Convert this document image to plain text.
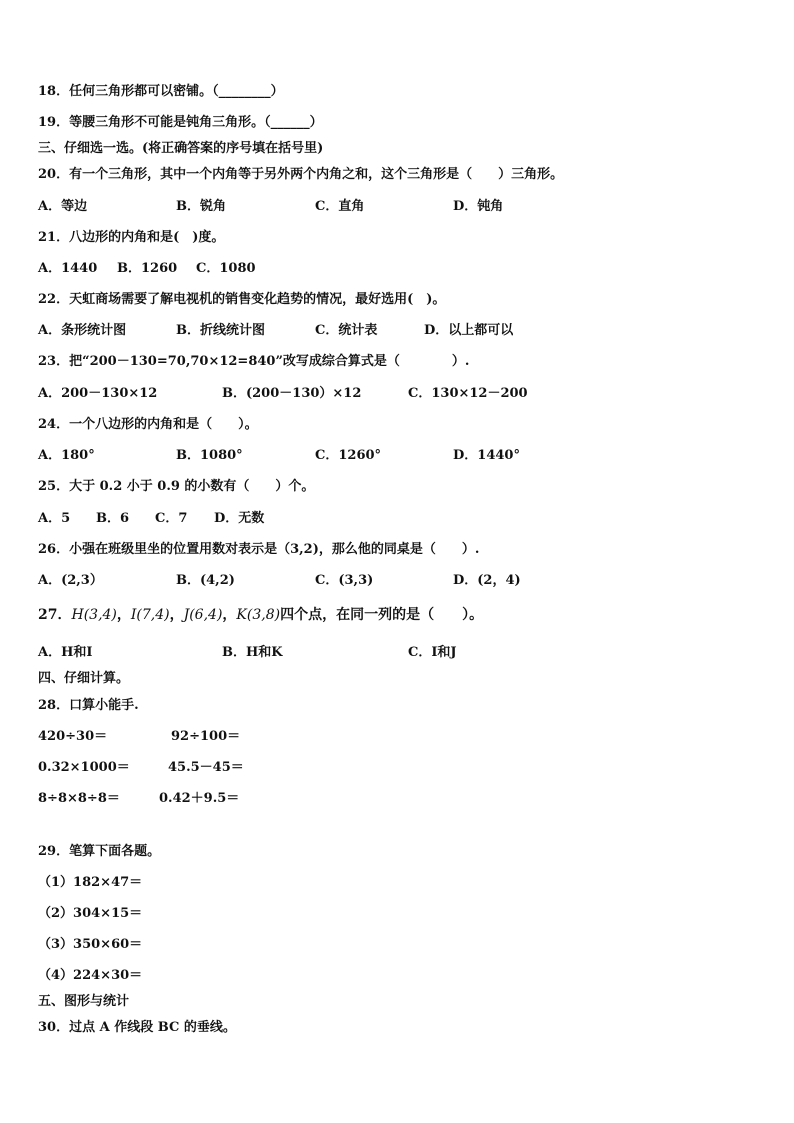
18．任何三角形都可以密铺。（________）
19．等腰三角形不可能是钝角三角形。（______）
三、仔细选一选。(将正确答案的序号填在括号里)
20．有一个三角形，其中一个内角等于另外两个内角之和，这个三角形是（　　）三角形。
A．等边	B．锐角	C．直角	D．钝角
21．八边形的内角和是(　)度。
A．1440 B．1260 C．1080
22．天虹商场需要了解电视机的销售变化趋势的情况，最好选用(　)。
A．条形统计图	B．折线统计图	C．统计表	D．以上都可以
23．把“200－130=70,70×12=840”改写成综合算式是（　　　　）.
A．200－130×12	B．(200－130）×12	C．130×12－200
24．一个八边形的内角和是（　　）。
A．180°	B．1080°	C．1260°	D．1440°
25．大于 0.2 小于 0.9 的小数有（　　）个。
A．5 B．6 C．7 D．无数
26．小强在班级里坐的位置用数对表示是（3,2)，那么他的同桌是（　　）.
A．(2,3）	B．(4,2)	C．(3,3)	D．(2，4)
27．H(3,4)，I(7,4)，J(6,4)，K(3,8)四个点，在同一列的是（　　）。
A．H和I	B．H和K	C．I和J
四、仔细计算。
28．口算小能手.
420÷30＝	92÷100＝
0.32×1000＝	45.5－45＝
8÷8×8÷8＝	0.42＋9.5＝
29．笔算下面各题。
（1）182×47＝
（2）304×15＝
（3）350×60＝
（4）224×30＝
五、图形与统计
30．过点 A 作线段 BC 的垂线。
